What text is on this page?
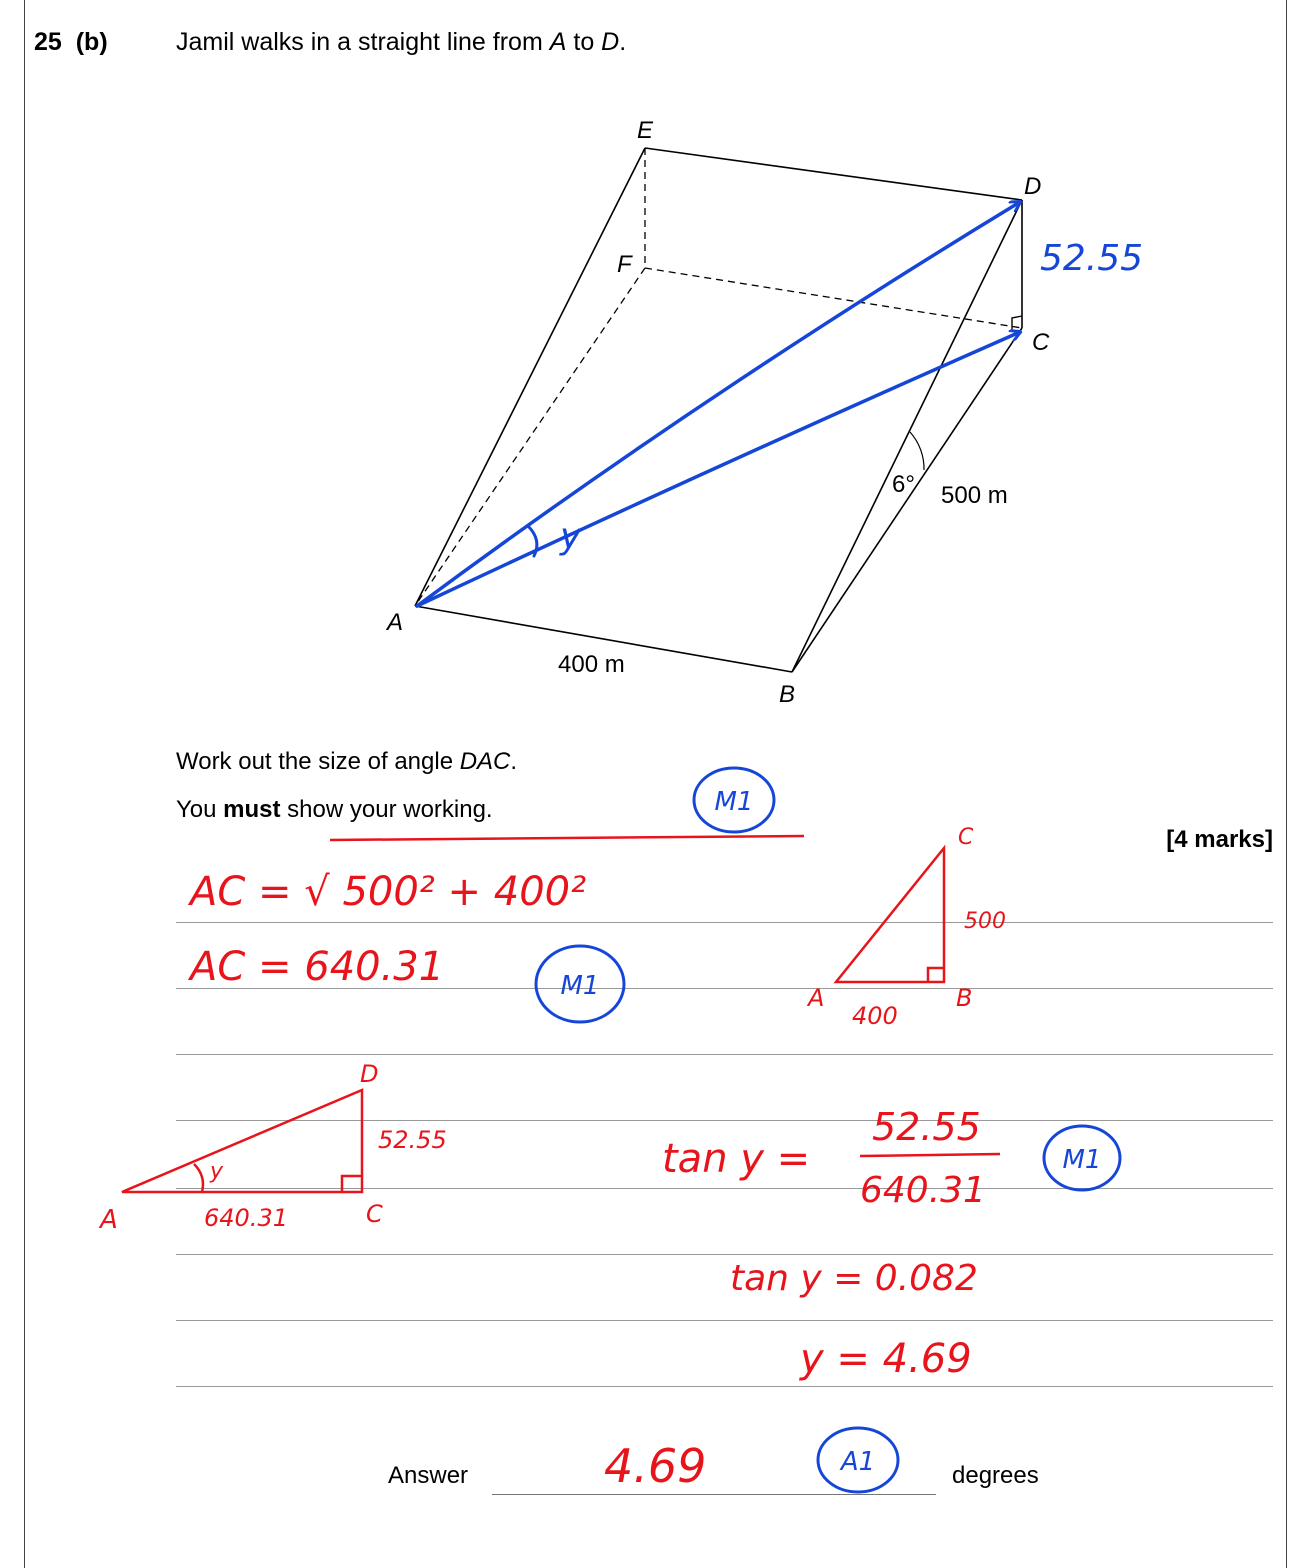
25 (b)	Jamil walks in a straight line from A to D.
Work out the size of angle DAC.
You must show your working.
[4 marks]
Answer	degrees
E
D
F
C
A
B
400 m
500 m
6°
y
52.55
AC = √ 500² + 400²
AC = 640.31
C
500
A
400
B
D
52.55
y
A	640.31	C
tan y =
52.55
640.31
tan y = 0.082
y = 4.69
4.69
M1
M1
M1
A1
